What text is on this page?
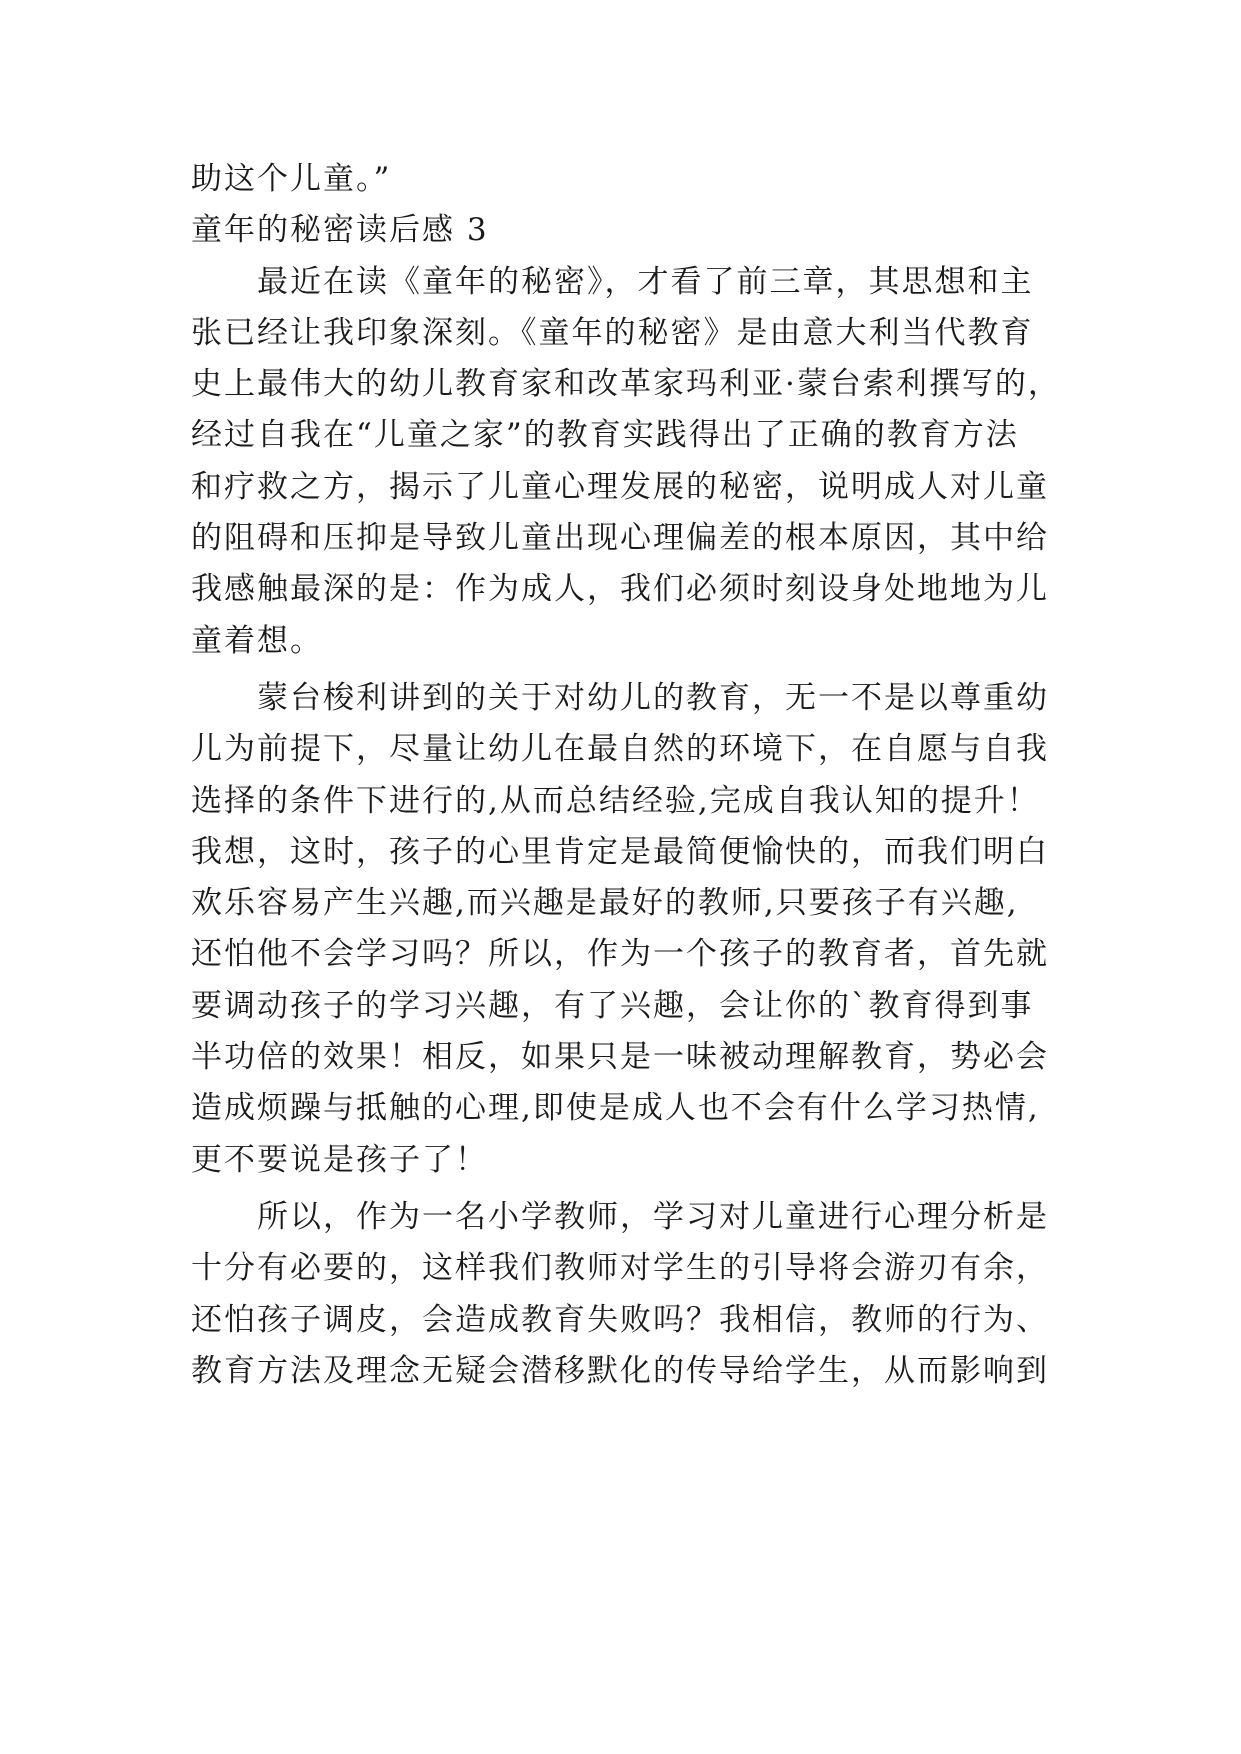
助这个儿童。”
童年的秘密读后感 3
最近在读《童年的秘密》，才看了前三章，其思想和主
张已经让我印象深刻。《童年的秘密》是由意大利当代教育
史上最伟大的幼儿教育家和改革家玛利亚·蒙台索利撰写的，
经过自我在“儿童之家”的教育实践得出了正确的教育方法
和疗救之方，揭示了儿童心理发展的秘密，说明成人对儿童
的阻碍和压抑是导致儿童出现心理偏差的根本原因，其中给
我感触最深的是：作为成人，我们必须时刻设身处地地为儿
童着想。
蒙台梭利讲到的关于对幼儿的教育，无一不是以尊重幼
儿为前提下，尽量让幼儿在最自然的环境下，在自愿与自我
选择的条件下进行的,从而总结经验,完成自我认知的提升！
我想，这时，孩子的心里肯定是最简便愉快的，而我们明白
欢乐容易产生兴趣,而兴趣是最好的教师,只要孩子有兴趣,
还怕他不会学习吗？所以，作为一个孩子的教育者，首先就
要调动孩子的学习兴趣，有了兴趣，会让你的`教育得到事
半功倍的效果！相反，如果只是一味被动理解教育，势必会
造成烦躁与抵触的心理,即使是成人也不会有什么学习热情,
更不要说是孩子了！
所以，作为一名小学教师，学习对儿童进行心理分析是
十分有必要的，这样我们教师对学生的引导将会游刃有余，
还怕孩子调皮，会造成教育失败吗？我相信，教师的行为、
教育方法及理念无疑会潜移默化的传导给学生，从而影响到
